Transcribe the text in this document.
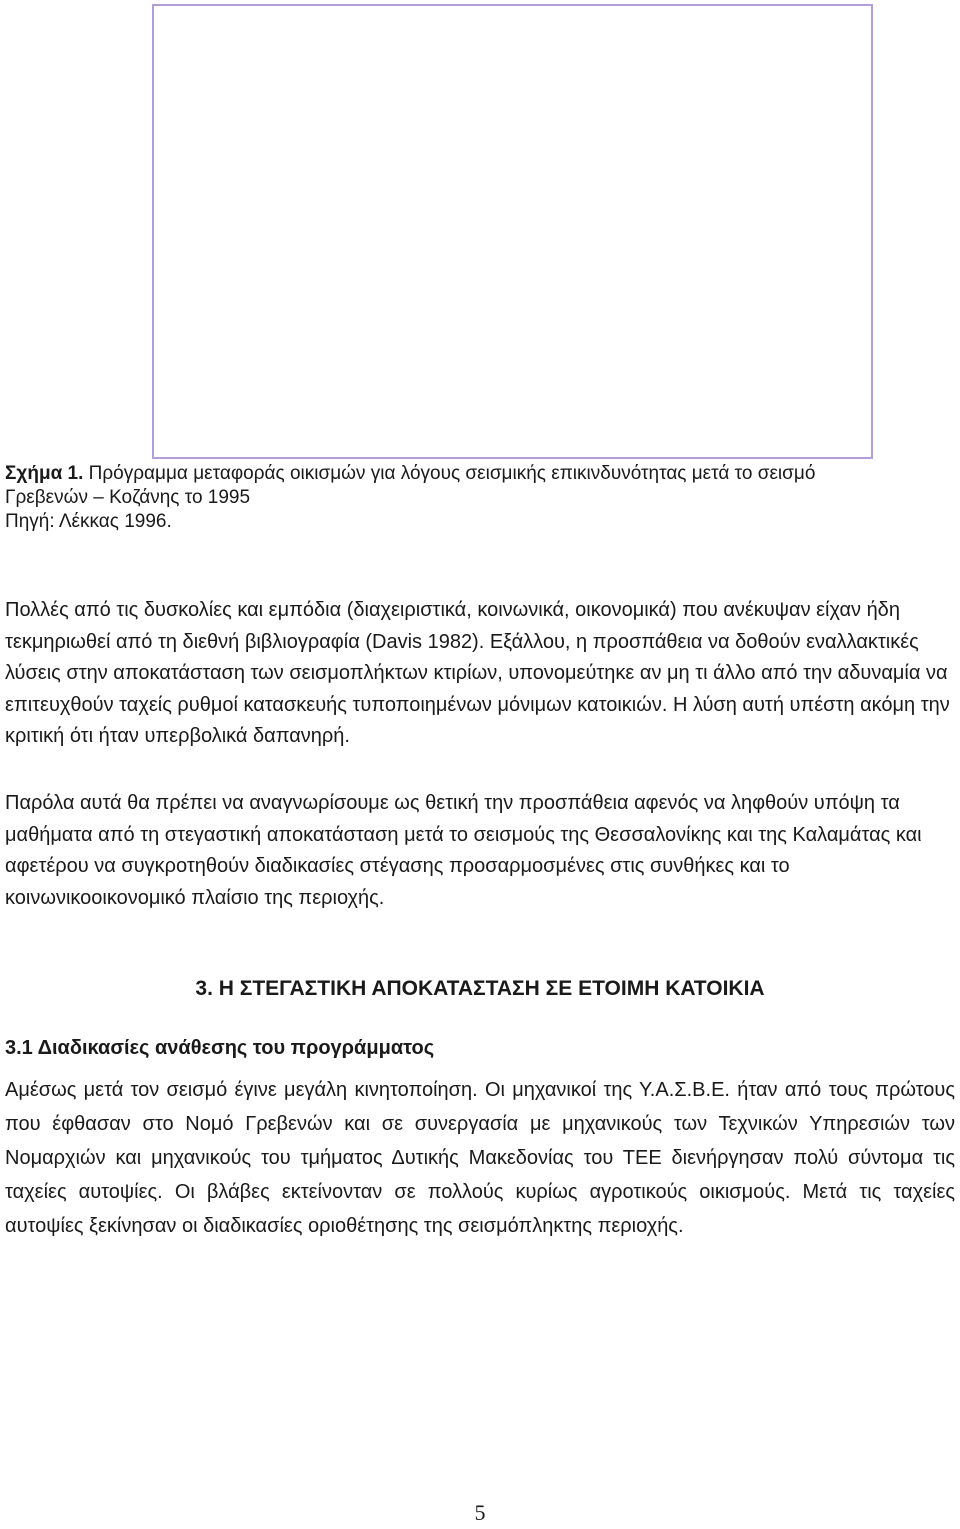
Σχήμα 1. Πρόγραμμα μεταφοράς οικισμών για λόγους σεισμικής επικινδυνότητας μετά το σεισμό
Γρεβενών – Κοζάνης το 1995
Πηγή: Λέκκας 1996.

Πολλές από τις δυσκολίες και εμπόδια (διαχειριστικά, κοινωνικά, οικονομικά) που ανέκυψαν είχαν ήδη τεκμηριωθεί από τη διεθνή βιβλιογραφία (Davis 1982). Εξάλλου, η προσπάθεια να δοθούν εναλλακτικές λύσεις στην αποκατάσταση των σεισμοπλήκτων κτιρίων, υπονομεύτηκε αν μη τι άλλο από την αδυναμία να επιτευχθούν ταχείς ρυθμοί κατασκευής τυποποιημένων μόνιμων κατοικιών. Η λύση αυτή υπέστη ακόμη την κριτική ότι ήταν υπερβολικά δαπανηρή.

Παρόλα αυτά θα πρέπει να αναγνωρίσουμε ως θετική την προσπάθεια αφενός να ληφθούν υπόψη τα μαθήματα από τη στεγαστική αποκατάσταση μετά το σεισμούς της Θεσσαλονίκης και της Καλαμάτας και αφετέρου να συγκροτηθούν διαδικασίες στέγασης προσαρμοσμένες στις συνθήκες και το κοινωνικοοικονομικό πλαίσιο της περιοχής.

3. Η ΣΤΕΓΑΣΤΙΚΗ ΑΠΟΚΑΤΑΣΤΑΣΗ ΣΕ ΕΤΟΙΜΗ ΚΑΤΟΙΚΙΑ
3.1 Διαδικασίες ανάθεσης του προγράμματος

Αμέσως μετά τον σεισμό έγινε μεγάλη κινητοποίηση. Οι μηχανικοί της Υ.Α.Σ.Β.Ε. ήταν από τους πρώτους που έφθασαν στο Νομό Γρεβενών και σε συνεργασία με μηχανικούς των Τεχνικών Υπηρεσιών των Νομαρχιών και μηχανικούς του τμήματος Δυτικής Μακεδονίας του ΤΕΕ διενήργησαν πολύ σύντομα τις ταχείες αυτοψίες. Οι βλάβες εκτείνονταν σε πολλούς κυρίως αγροτικούς οικισμούς. Μετά τις ταχείες αυτοψίες ξεκίνησαν οι διαδικασίες οριοθέτησης της σεισμόπληκτης περιοχής.

5
